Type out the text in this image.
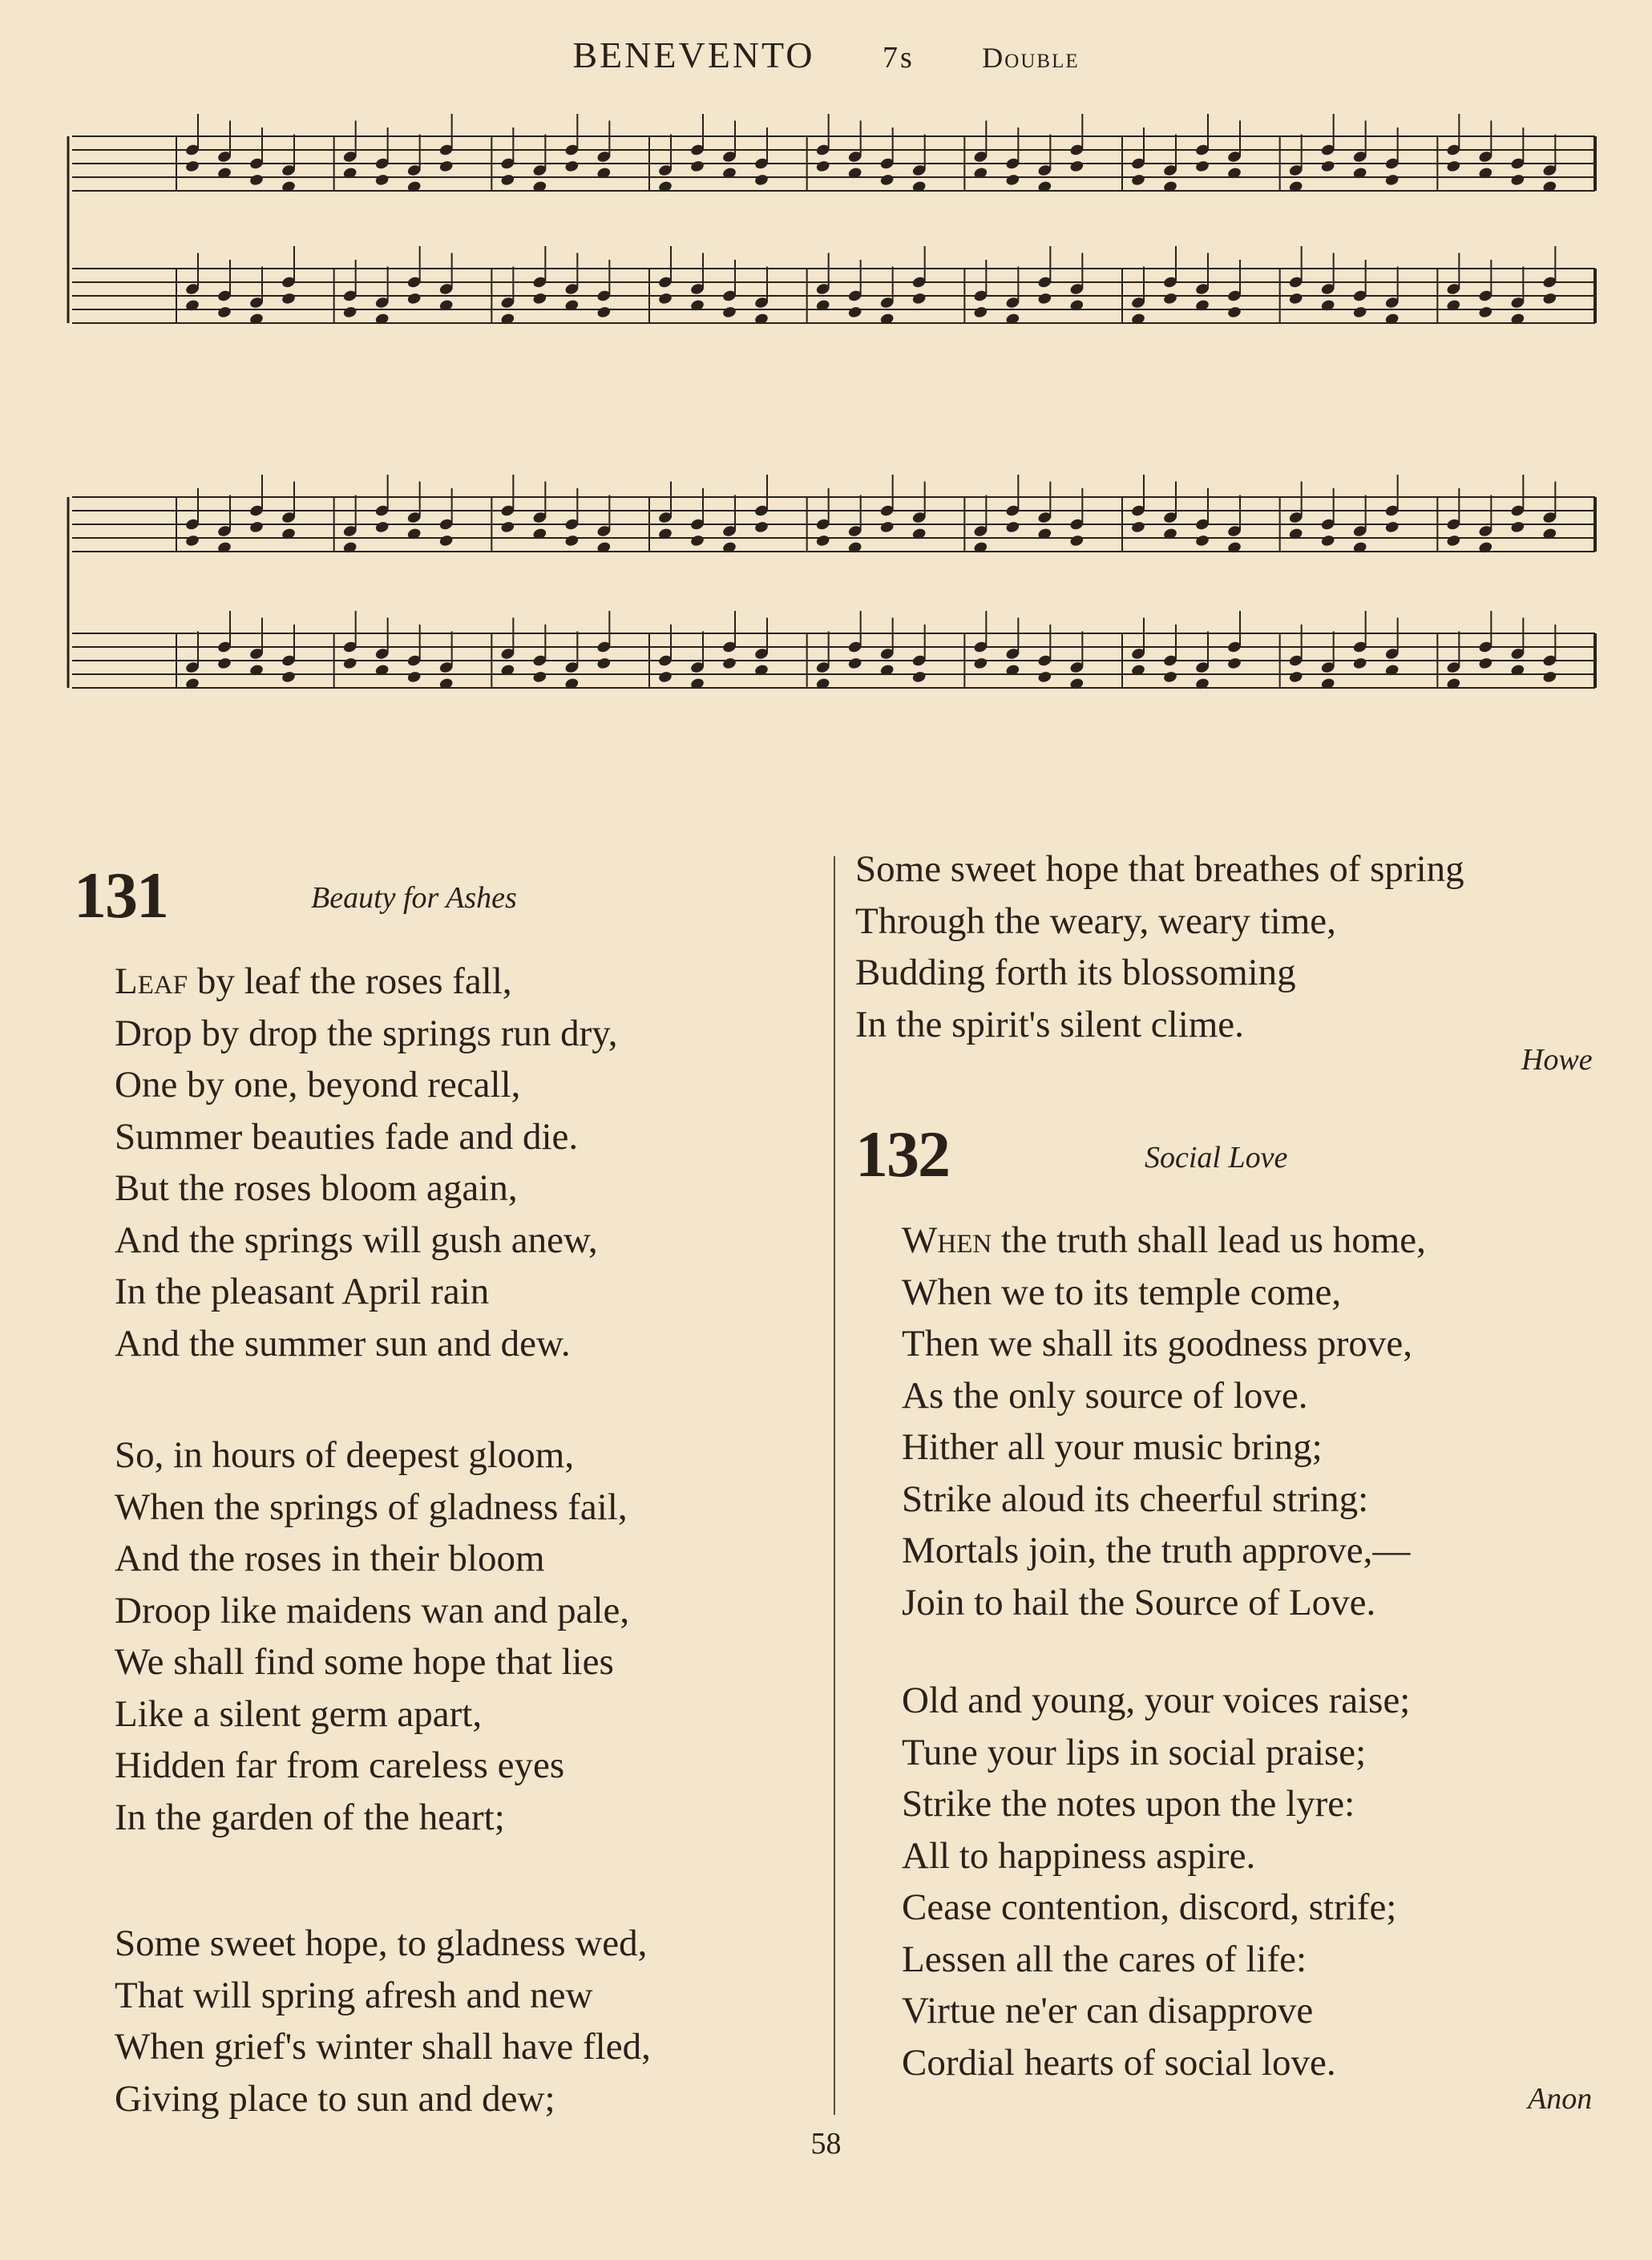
BENEVENTO 7s Double
131	Beauty for Ashes
Leaf by leaf the roses fall,
Drop by drop the springs run dry,
One by one, beyond recall,
Summer beauties fade and die.
But the roses bloom again,
And the springs will gush anew,
In the pleasant April rain
And the summer sun and dew.
So, in hours of deepest gloom,
When the springs of gladness fail,
And the roses in their bloom
Droop like maidens wan and pale,
We shall find some hope that lies
Like a silent germ apart,
Hidden far from careless eyes
In the garden of the heart;
Some sweet hope, to gladness wed,
That will spring afresh and new
When grief's winter shall have fled,
Giving place to sun and dew;
Some sweet hope that breathes of spring
Through the weary, weary time,
Budding forth its blossoming
In the spirit's silent clime.
Howe
132	Social Love
When the truth shall lead us home,
When we to its temple come,
Then we shall its goodness prove,
As the only source of love.
Hither all your music bring;
Strike aloud its cheerful string:
Mortals join, the truth approve,—
Join to hail the Source of Love.
Old and young, your voices raise;
Tune your lips in social praise;
Strike the notes upon the lyre:
All to happiness aspire.
Cease contention, discord, strife;
Lessen all the cares of life:
Virtue ne'er can disapprove
Cordial hearts of social love.
Anon
58
